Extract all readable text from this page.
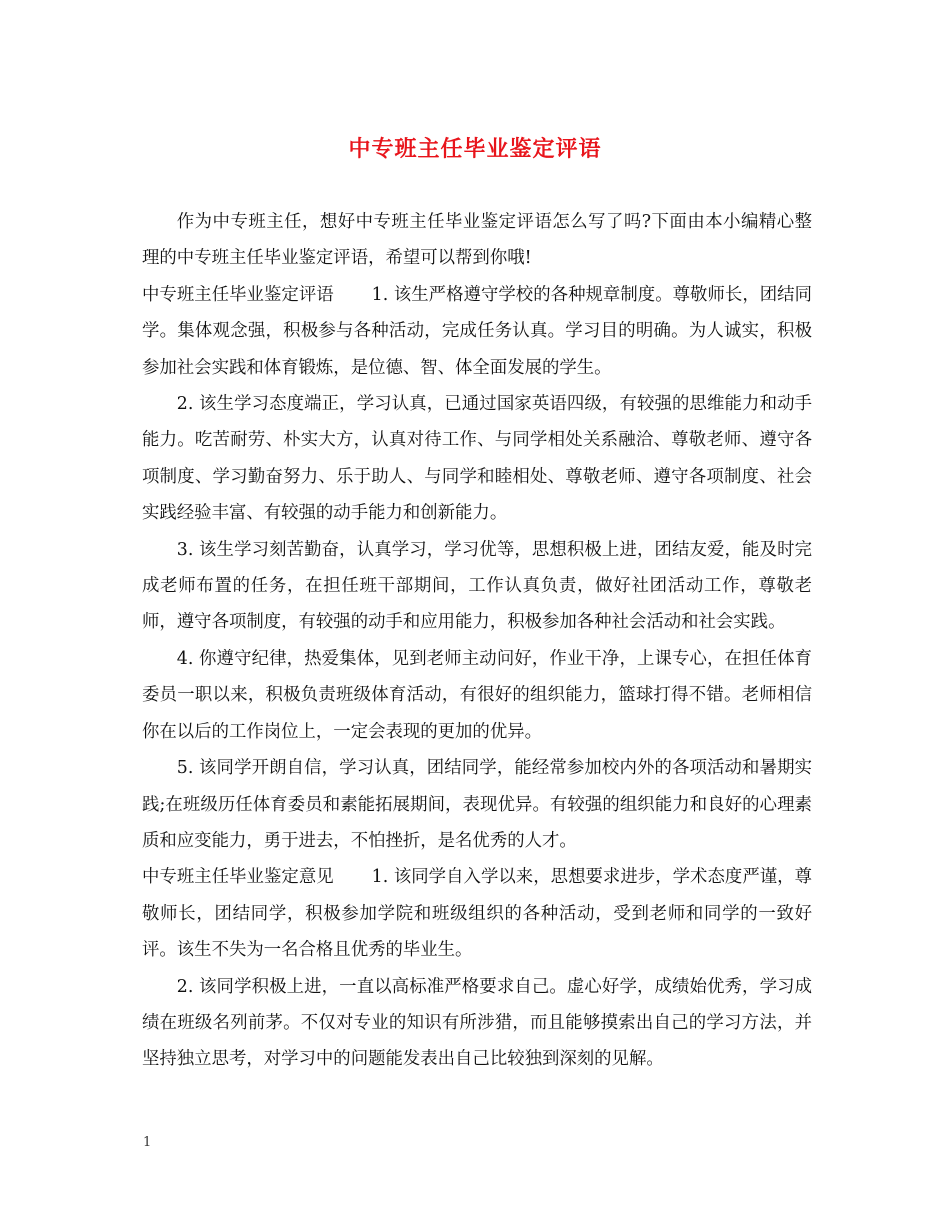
中专班主任毕业鉴定评语

作为中专班主任，想好中专班主任毕业鉴定评语怎么写了吗?下面由本小编精心整理的中专班主任毕业鉴定评语，希望可以帮到你哦!

中专班主任毕业鉴定评语 1. 该生严格遵守学校的各种规章制度。尊敬师长，团结同学。集体观念强，积极参与各种活动，完成任务认真。学习目的明确。为人诚实，积极参加社会实践和体育锻炼，是位德、智、体全面发展的学生。

2. 该生学习态度端正，学习认真，已通过国家英语四级，有较强的思维能力和动手能力。吃苦耐劳、朴实大方，认真对待工作、与同学相处关系融洽、尊敬老师、遵守各项制度、学习勤奋努力、乐于助人、与同学和睦相处、尊敬老师、遵守各项制度、社会实践经验丰富、有较强的动手能力和创新能力。

3. 该生学习刻苦勤奋，认真学习，学习优等，思想积极上进，团结友爱，能及时完成老师布置的任务，在担任班干部期间，工作认真负责，做好社团活动工作，尊敬老师，遵守各项制度，有较强的动手和应用能力，积极参加各种社会活动和社会实践。

4. 你遵守纪律，热爱集体，见到老师主动问好，作业干净，上课专心，在担任体育委员一职以来，积极负责班级体育活动，有很好的组织能力，篮球打得不错。老师相信你在以后的工作岗位上，一定会表现的更加的优异。

5. 该同学开朗自信，学习认真，团结同学，能经常参加校内外的各项活动和暑期实践;在班级历任体育委员和素能拓展期间，表现优异。有较强的组织能力和良好的心理素质和应变能力，勇于进去，不怕挫折，是名优秀的人才。

中专班主任毕业鉴定意见 1. 该同学自入学以来，思想要求进步，学术态度严谨，尊敬师长，团结同学，积极参加学院和班级组织的各种活动，受到老师和同学的一致好评。该生不失为一名合格且优秀的毕业生。

2. 该同学积极上进，一直以高标准严格要求自己。虚心好学，成绩始优秀，学习成绩在班级名列前茅。不仅对专业的知识有所涉猎，而且能够摸索出自己的学习方法，并坚持独立思考，对学习中的问题能发表出自己比较独到深刻的见解。

1
